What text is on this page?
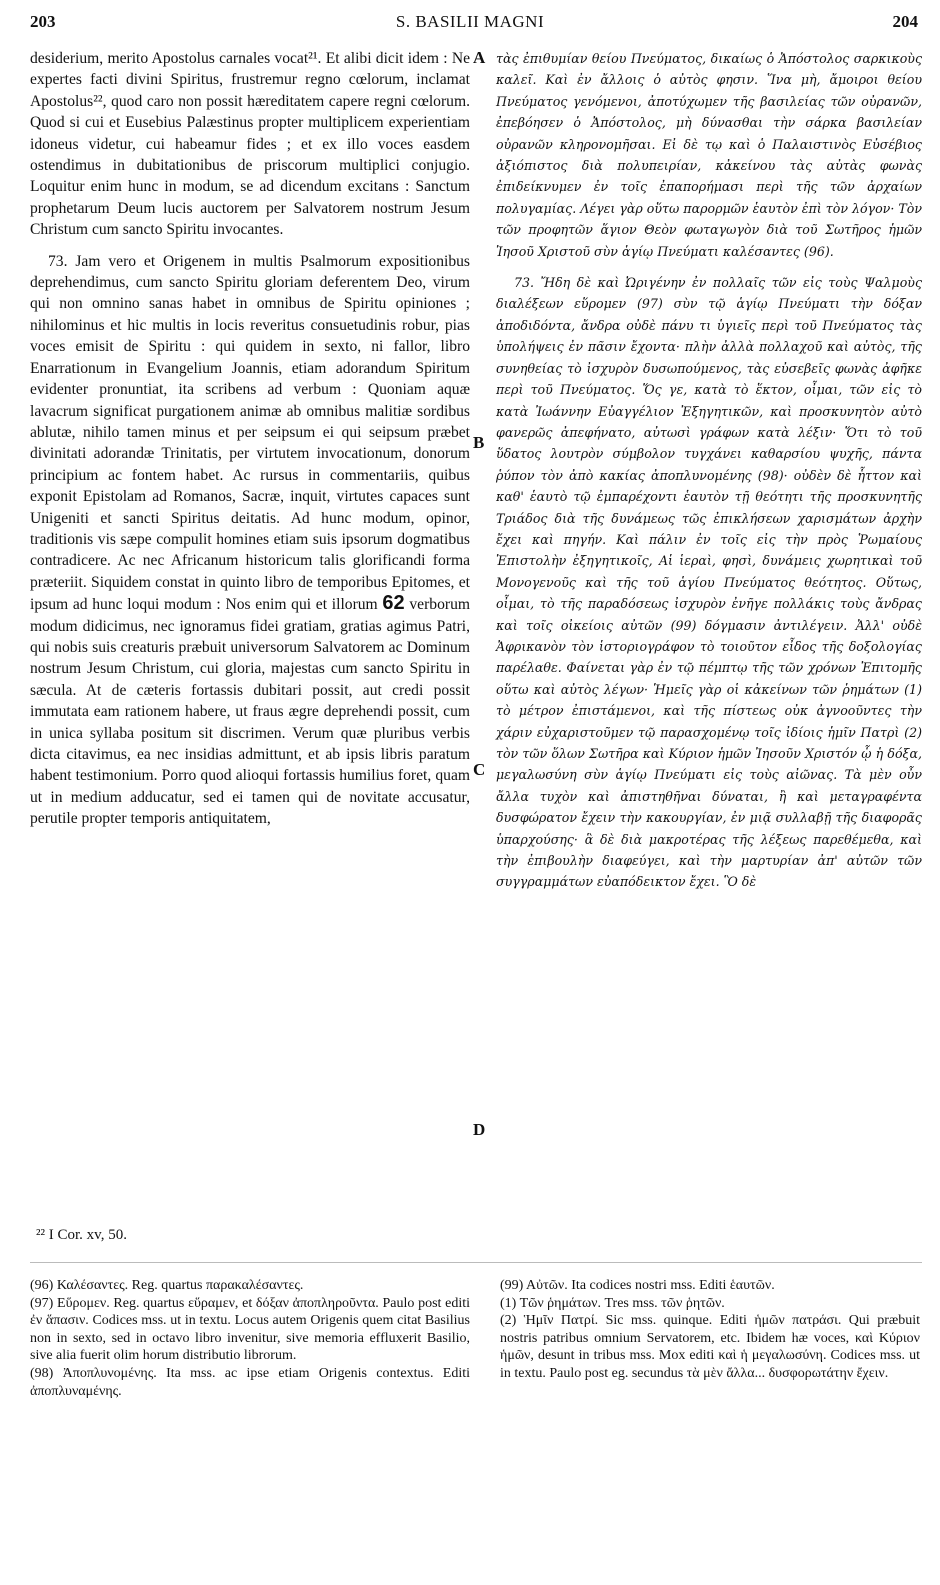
203	S. BASILII MAGNI	204
A
B
C
D

desiderium, merito Apostolus carnales vocat²¹. Et alibi dicit idem : Ne expertes facti divini Spiritus, frustremur regno cœlorum, inclamat Apostolus²², quod caro non possit hæreditatem capere regni cœlorum. Quod si cui et Eusebius Palæstinus propter multiplicem experientiam idoneus videtur, cui habeamur fides ; et ex illo voces easdem ostendimus in dubitationibus de priscorum multiplici conjugio. Loquitur enim hunc in modum, se ad dicendum excitans : Sanctum prophetarum Deum lucis auctorem per Salvatorem nostrum Jesum Christum cum sancto Spiritu invocantes.

73. Jam vero et Origenem in multis Psalmorum expositionibus deprehendimus, cum sancto Spiritu gloriam deferentem Deo, virum qui non omnino sanas habet in omnibus de Spiritu opiniones ; nihilominus et hic multis in locis reveritus consuetudinis robur, pias voces emisit de Spiritu : qui quidem in sexto, ni fallor, libro Enarrationum in Evangelium Joannis, etiam adorandum Spiritum evidenter pronuntiat, ita scribens ad verbum : Quoniam aquæ lavacrum significat purgationem animæ ab omnibus malitiæ sordibus ablutæ, nihilo tamen minus et per seipsum ei qui seipsum præbet divinitati adorandæ Trinitatis, per virtutem invocationum, donorum principium ac fontem habet. Ac rursus in commentariis, quibus exponit Epistolam ad Romanos, Sacræ, inquit, virtutes capaces sunt Unigeniti et sancti Spiritus deitatis. Ad hunc modum, opinor, traditionis vis sæpe compulit homines etiam suis ipsorum dogmatibus contradicere. Ac nec Africanum historicum talis glorificandi forma præteriit. Siquidem constat in quinto libro de temporibus Epitomes, et ipsum ad hunc loqui modum : Nos enim qui et illorum 62 verborum modum didicimus, nec ignoramus fidei gratiam, gratias agimus Patri, qui nobis suis creaturis præbuit universorum Salvatorem ac Dominum nostrum Jesum Christum, cui gloria, majestas cum sancto Spiritu in sæcula. At de cæteris fortassis dubitari possit, aut credi possit immutata eam rationem habere, ut fraus ægre deprehendi possit, cum in unica syllaba positum sit discrimen. Verum quæ pluribus verbis dicta citavimus, ea nec insidias admittunt, et ab ipsis libris paratum habent testimonium. Porro quod alioqui fortassis humilius foret, quam ut in medium adducatur, sed ei tamen qui de novitate accusatur, perutile propter temporis antiquitatem,

τὰς ἐπιθυμίαν θείου Πνεύματος, δικαίως ὁ Ἀπόστολος σαρκικοὺς καλεῖ. Καὶ ἐν ἄλλοις ὁ αὐτὸς φησιν. Ἵνα μὴ, ἄμοιροι θείου Πνεύματος γενόμενοι, ἀποτύχωμεν τῆς βασιλείας τῶν οὐρανῶν, ἐπεβόησεν ὁ Ἀπόστολος, μὴ δύνασθαι τὴν σάρκα βασιλείαν οὐρανῶν κληρονομῆσαι. Εἰ δὲ τῳ καὶ ὁ Παλαιστινὸς Εὐσέβιος ἀξιόπιστος διὰ πολυπειρίαν, κἀκείνου τὰς αὐτὰς φωνὰς ἐπιδείκνυμεν ἐν τοῖς ἐπαπορήμασι περὶ τῆς τῶν ἀρχαίων πολυγαμίας. Λέγει γὰρ οὕτω παρορμῶν ἑαυτὸν ἐπὶ τὸν λόγον· Τὸν τῶν προφητῶν ἅγιον Θεὸν φωταγωγὸν διὰ τοῦ Σωτῆρος ἡμῶν Ἰησοῦ Χριστοῦ σὺν ἁγίῳ Πνεύματι καλέσαντες (96).

73. Ἤδη δὲ καὶ Ὠριγένην ἐν πολλαῖς τῶν εἰς τοὺς Ψαλμοὺς διαλέξεων εὕρομεν (97) σὺν τῷ ἁγίῳ Πνεύματι τὴν δόξαν ἀποδιδόντα, ἄνδρα οὐδὲ πάνυ τι ὑγιεῖς περὶ τοῦ Πνεύματος τὰς ὑπολήψεις ἐν πᾶσιν ἔχοντα· πλὴν ἀλλὰ πολλαχοῦ καὶ αὐτὸς, τῆς συνηθείας τὸ ἰσχυρὸν δυσωπούμενος, τὰς εὐσεβεῖς φωνὰς ἀφῆκε περὶ τοῦ Πνεύματος. Ὅς γε, κατὰ τὸ ἕκτον, οἶμαι, τῶν εἰς τὸ κατὰ Ἰωάννην Εὐαγγέλιον Ἐξηγητικῶν, καὶ προσκυνητὸν αὐτὸ φανερῶς ἀπεφήνατο, αὐτωσὶ γράφων κατὰ λέξιν· Ὅτι τὸ τοῦ ὕδατος λουτρὸν σύμβολον τυγχάνει καθαρσίου ψυχῆς, πάντα ῥύπον τὸν ἀπὸ κακίας ἀποπλυνομένης (98)· οὐδὲν δὲ ἧττον καὶ καθ' ἑαυτὸ τῷ ἐμπαρέχοντι ἑαυτὸν τῇ θεότητι τῆς προσκυνητῆς Τριάδος διὰ τῆς δυνάμεως τῶς ἐπικλήσεων χαρισμάτων ἀρχὴν ἔχει καὶ πηγήν. Καὶ πάλιν ἐν τοῖς εἰς τὴν πρὸς Ῥωμαίους Ἐπιστολὴν ἐξηγητικοῖς, Αἱ ἱεραὶ, φησὶ, δυνάμεις χωρητικαὶ τοῦ Μονογενοῦς καὶ τῆς τοῦ ἁγίου Πνεύματος θεότητος. Οὕτως, οἶμαι, τὸ τῆς παραδόσεως ἰσχυρὸν ἐνῆγε πολλάκις τοὺς ἄνδρας καὶ τοῖς οἰκείοις αὐτῶν (99) δόγμασιν ἀντιλέγειν. Ἀλλ' οὐδὲ Ἀφρικανὸν τὸν ἱστοριογράφον τὸ τοιοῦτον εἶδος τῆς δοξολογίας παρέλαθε. Φαίνεται γὰρ ἐν τῷ πέμπτῳ τῆς τῶν χρόνων Ἐπιτομῆς οὕτω καὶ αὐτὸς λέγων· Ἡμεῖς γὰρ οἱ κἀκείνων τῶν ῥημάτων (1) τὸ μέτρον ἐπιστάμενοι, καὶ τῆς πίστεως οὐκ ἀγνοοῦντες τὴν χάριν εὐχαριστοῦμεν τῷ παρασχομένῳ τοῖς ἰδίοις ἡμῖν Πατρὶ (2) τὸν τῶν ὅλων Σωτῆρα καὶ Κύριον ἡμῶν Ἰησοῦν Χριστόν ᾧ ἡ δόξα, μεγαλωσύνη σὺν ἁγίῳ Πνεύματι εἰς τοὺς αἰῶνας. Τὰ μὲν οὖν ἄλλα τυχὸν καὶ ἀπιστηθῆναι δύναται, ἢ καὶ μεταγραφέντα δυσφώρατον ἔχειν τὴν κακουργίαν, ἐν μιᾷ συλλαβῇ τῆς διαφορᾶς ὑπαρχούσης· ἃ δὲ διὰ μακροτέρας τῆς λέξεως παρεθέμεθα, καὶ τὴν ἐπιβουλὴν διαφεύγει, καὶ τὴν μαρτυρίαν ἀπ' αὐτῶν τῶν συγγραμμάτων εὐαπόδεικτον ἔχει. Ὃ δὲ

²² I Cor. xv, 50.

(96) Καλέσαντες. Reg. quartus παρακαλέσαντες.

(97) Εὕρομεν. Reg. quartus εὕραμεν, et δόξαν ἀποπληροῦντα. Paulo post editi ἐν ἅπασιν. Codices mss. ut in textu. Locus autem Origenis quem citat Basilius non in sexto, sed in octavo libro invenitur, sive memoria effluxerit Basilio, sive alia fuerit olim horum distributio librorum.

(98) Ἀποπλυνομένης. Ita mss. ac ipse etiam Origenis contextus. Editi ἀποπλυναμένης.

(99) Αὐτῶν. Ita codices nostri mss. Editi ἑαυτῶν.

(1) Τῶν ῥημάτων. Tres mss. τῶν ῥητῶν.

(2) Ἡμῖν Πατρί. Sic mss. quinque. Editi ἡμῶν πατράσι. Qui præbuit nostris patribus omnium Servatorem, etc. Ibidem hæ voces, καὶ Κύριον ἡμῶν, desunt in tribus mss. Mox editi καὶ ἡ μεγαλωσύνη. Codices mss. ut in textu. Paulo post eg. secundus τὰ μὲν ἄλλα... δυσφορωτάτην ἔχειν.
